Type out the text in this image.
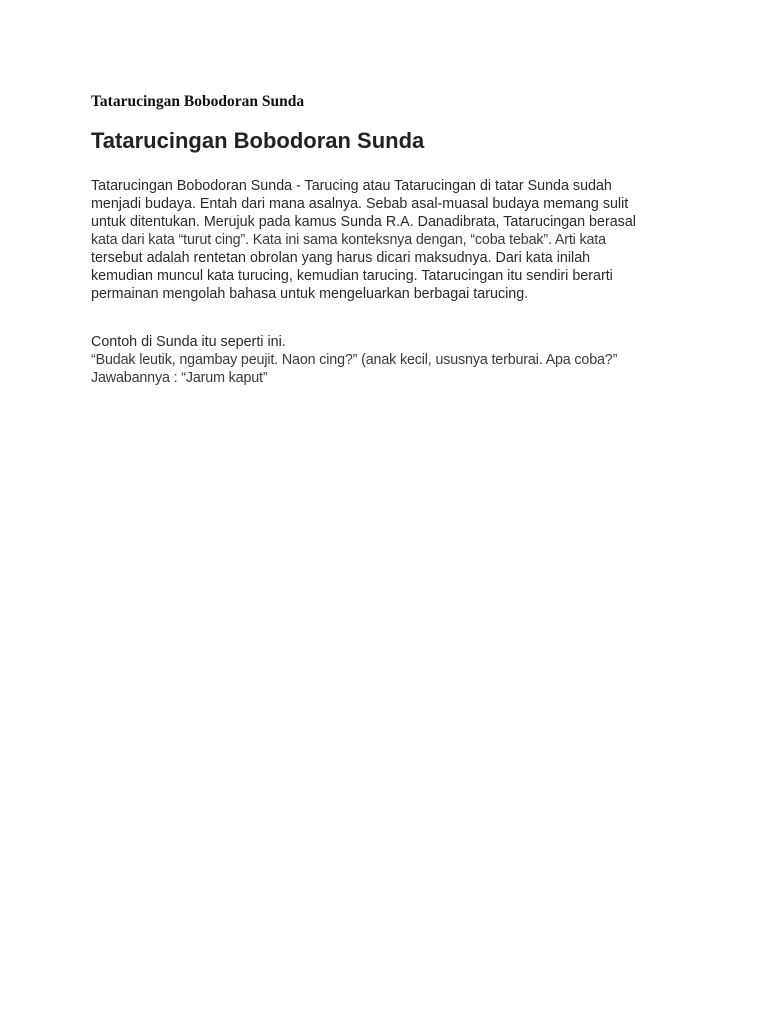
Tatarucingan Bobodoran Sunda
Tatarucingan Bobodoran Sunda

Tatarucingan Bobodoran Sunda - Tarucing atau Tatarucingan di tatar Sunda sudah
menjadi budaya. Entah dari mana asalnya. Sebab asal-muasal budaya memang sulit
untuk ditentukan. Merujuk pada kamus Sunda R.A. Danadibrata, Tatarucingan berasal
kata dari kata “turut cing”. Kata ini sama konteksnya dengan, “coba tebak”. Arti kata
tersebut adalah rentetan obrolan yang harus dicari maksudnya. Dari kata inilah
kemudian muncul kata turucing, kemudian tarucing. Tatarucingan itu sendiri berarti
permainan mengolah bahasa untuk mengeluarkan berbagai tarucing.

Contoh di Sunda itu seperti ini.
“Budak leutik, ngambay peujit. Naon cing?” (anak kecil, ususnya terburai. Apa coba?”
Jawabannya : “Jarum kaput”
